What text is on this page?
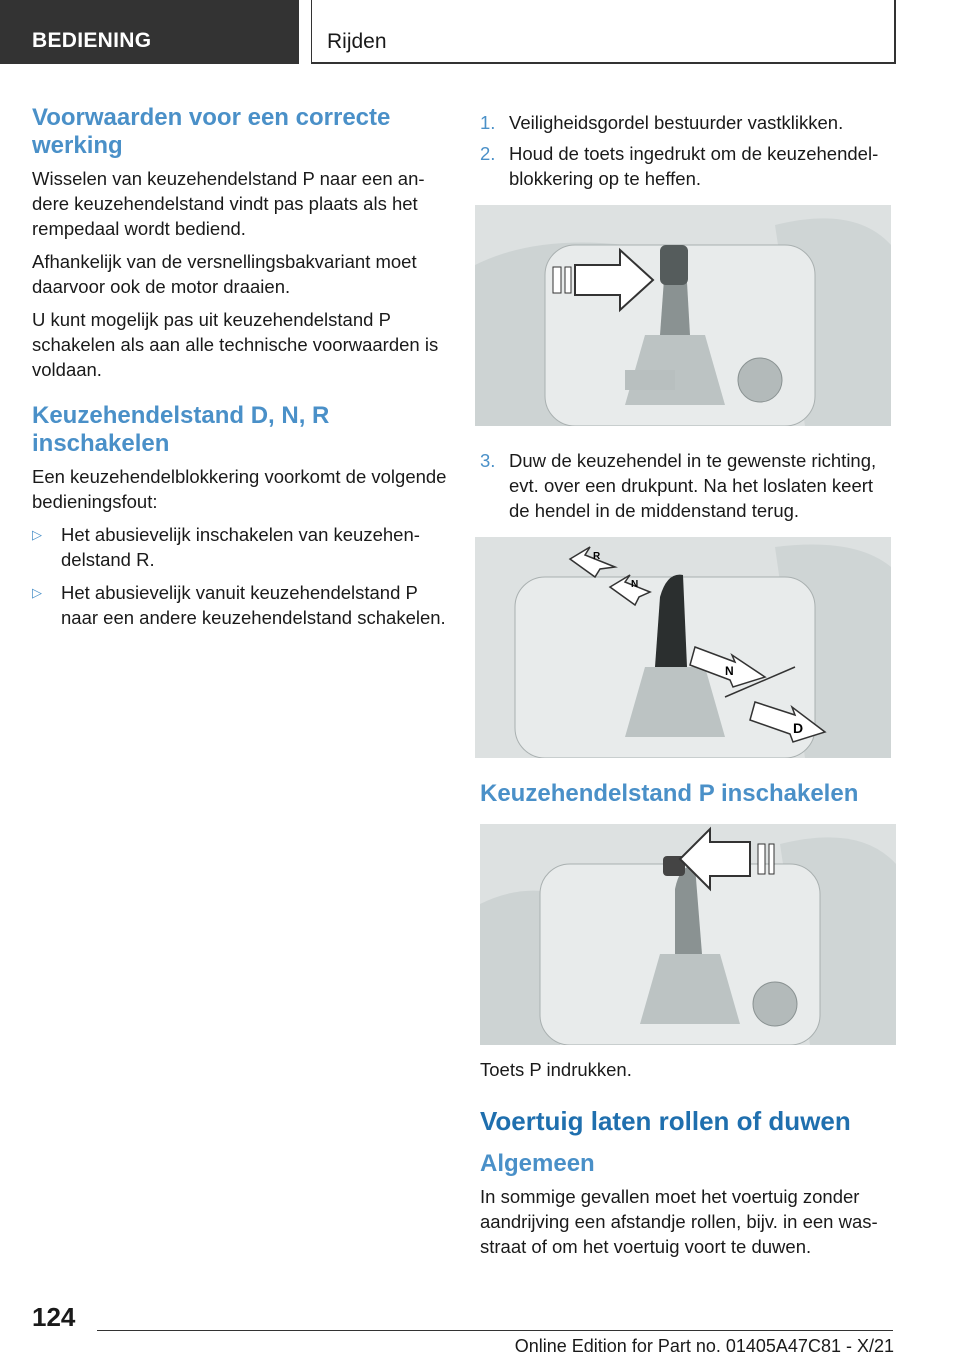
BEDIENING	Rijden
Voorwaarden voor een correcte werking

Wisselen van keuzehendelstand P naar een andere keuzehendelstand vindt pas plaats als het rempedaal wordt bediend.

Afhankelijk van de versnellingsbakvariant moet daarvoor ook de motor draaien.

U kunt mogelijk pas uit keuzehendelstand P schakelen als aan alle technische voorwaarden is voldaan.

Keuzehendelstand D, N, R inschakelen

Een keuzehendelblokkering voorkomt de volgende bedieningsfout:

▷ Het abusievelijk inschakelen van keuzehendelstand R.
▷ Het abusievelijk vanuit keuzehendelstand P naar een andere keuzehendelstand schakelen.
1. Veiligheidsgordel bestuurder vastklikken.
2. Houd de toets ingedrukt om de keuzehendelblokkering op te heffen.
3. Duw de keuzehendel in te gewenste richting, evt. over een drukpunt. Na het loslaten keert de hendel in de middenstand terug.
R
N
N
D
Keuzehendelstand P inschakelen

Toets P indrukken.

Voertuig laten rollen of duwen
Algemeen

In sommige gevallen moet het voertuig zonder aandrijving een afstandje rollen, bijv. in een wasstraat of om het voertuig voort te duwen.

124
Online Edition for Part no. 01405A47C81 - X/21
